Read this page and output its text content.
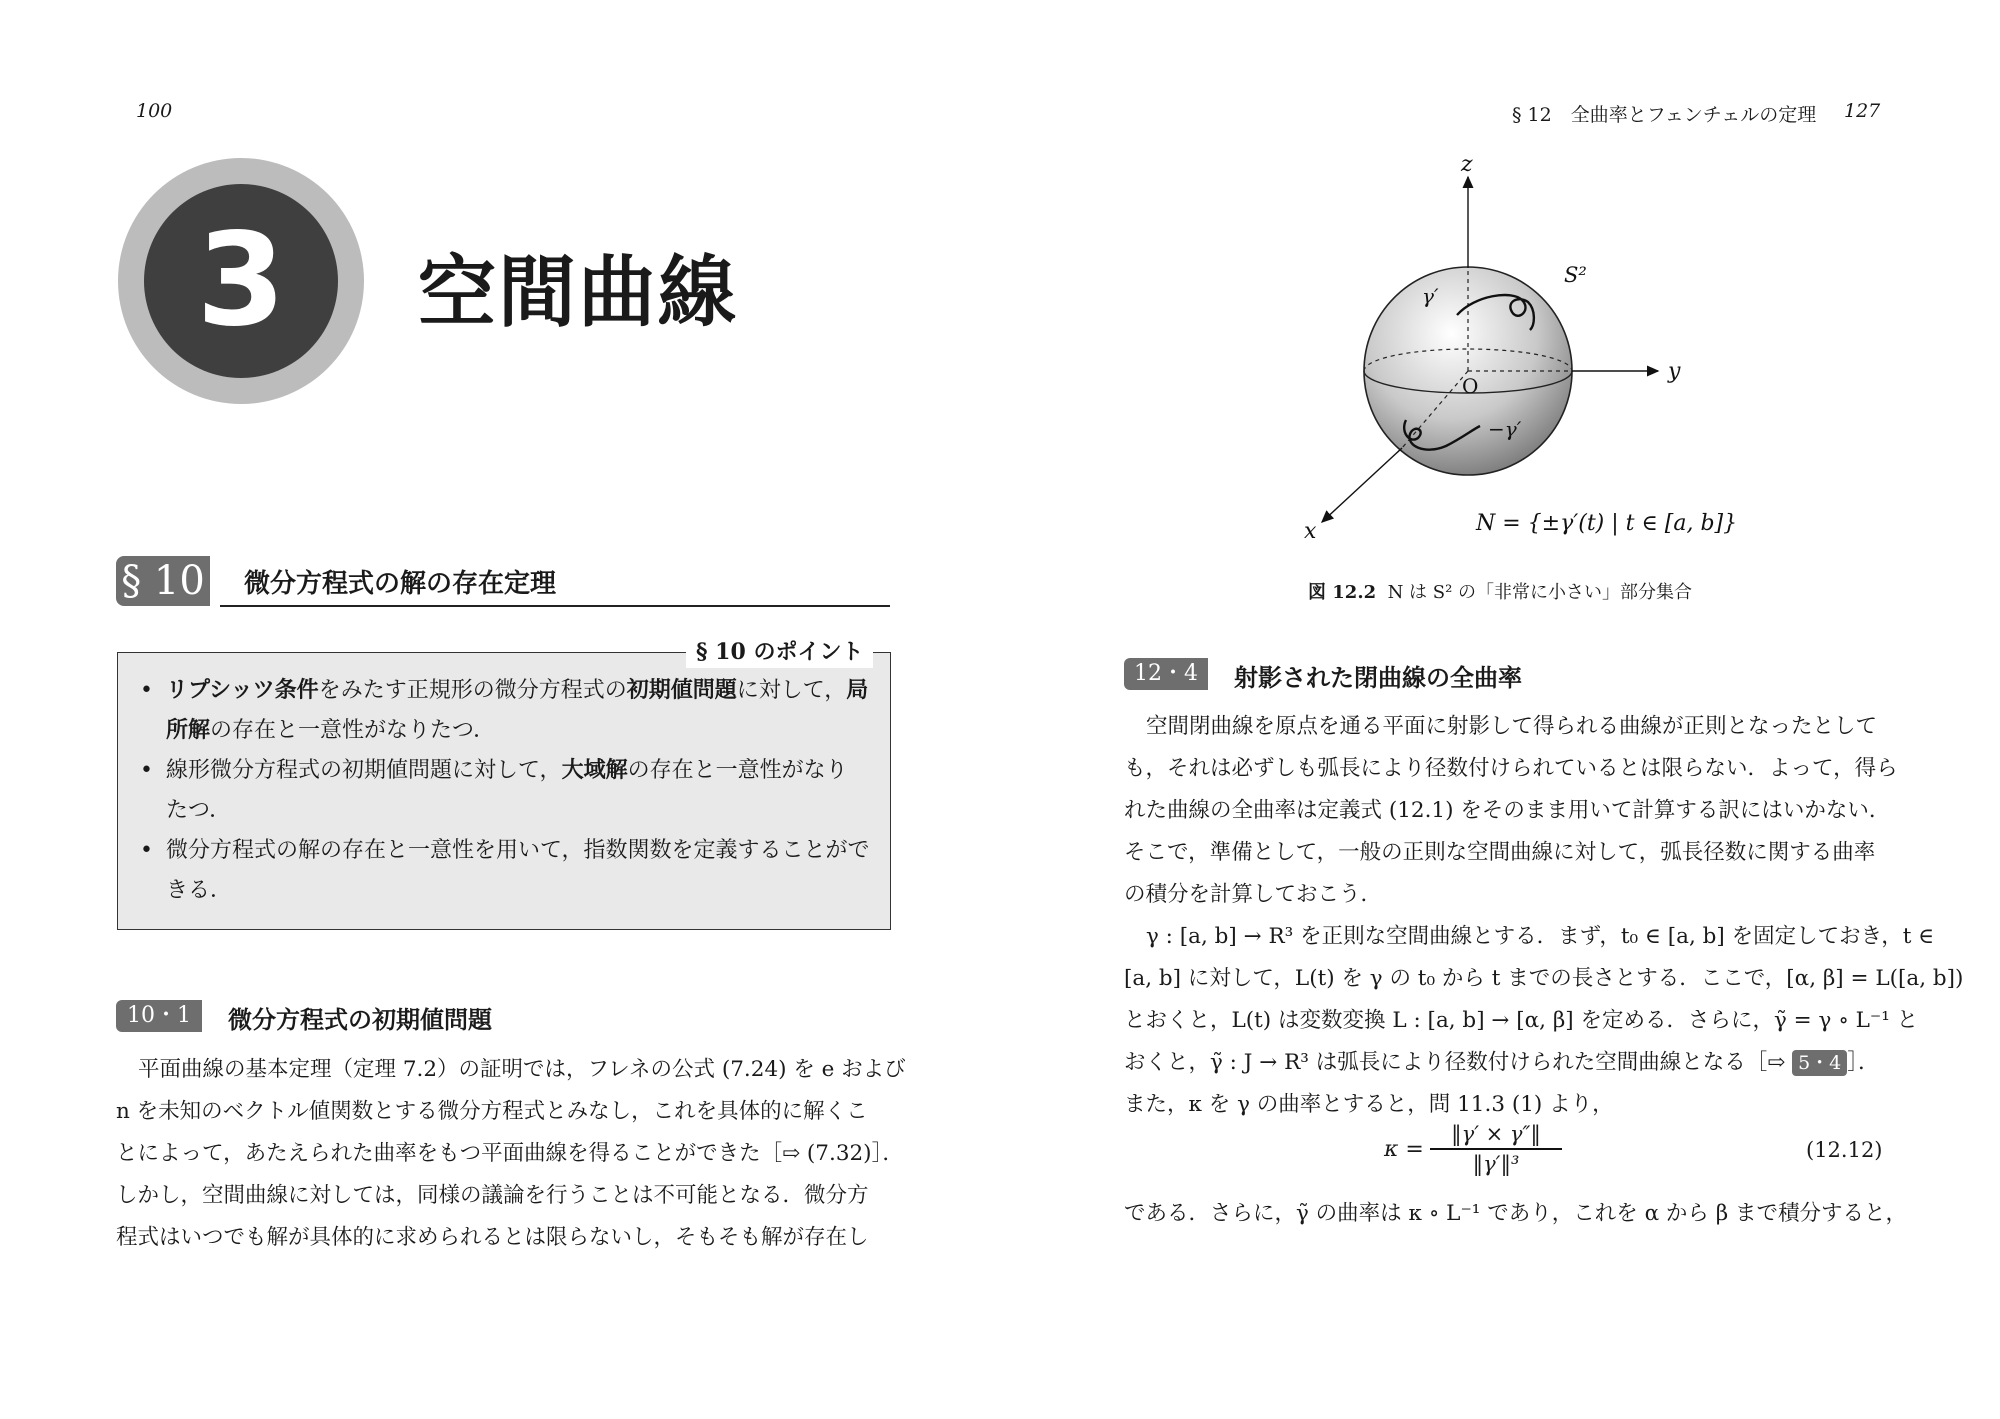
100
3	空間曲線
§ 10 微分方程式の解の存在定理
• リプシッツ条件をみたす正規形の微分方程式の初期値問題に対して，局
所解の存在と一意性がなりたつ．
• 線形微分方程式の初期値問題に対して，大域解の存在と一意性がなり
たつ．
• 微分方程式の解の存在と一意性を用いて，指数関数を定義することがで
きる．
§ 10 のポイント
10・1	微分方程式の初期値問題
平面曲線の基本定理（定理 7.2）の証明では，フレネの公式 (7.24) を e および
n を未知のベクトル値関数とする微分方程式とみなし，これを具体的に解くこ
とによって，あたえられた曲率をもつ平面曲線を得ることができた［⇨ (7.32)］．
しかし，空間曲線に対しては，同様の議論を行うことは不可能となる．微分方
程式はいつでも解が具体的に求められるとは限らないし，そもそも解が存在し
§ 12　全曲率とフェンチェルの定理 127
z
y
x
S²
O
γ′
−γ′
N = {±γ′(t) | t ∈ [a, b]}
図 12.2 N は S² の「非常に小さい」部分集合
12・4	射影された閉曲線の全曲率
空間閉曲線を原点を通る平面に射影して得られる曲線が正則となったとして
も，それは必ずしも弧長により径数付けられているとは限らない．よって，得ら
れた曲線の全曲率は定義式 (12.1) をそのまま用いて計算する訳にはいかない．
そこで，準備として，一般の正則な空間曲線に対して，弧長径数に関する曲率
の積分を計算しておこう．
γ : [a, b] → R³ を正則な空間曲線とする．まず，t₀ ∈ [a, b] を固定しておき，t ∈
[a, b] に対して，L(t) を γ の t₀ から t までの長さとする．ここで，[α, β] = L([a, b])
とおくと，L(t) は変数変換 L : [a, b] → [α, β] を定める．さらに，γ̃ = γ ∘ L⁻¹ と
おくと，γ̃ : J → R³ は弧長により径数付けられた空間曲線となる［⇨ 5・4 ］．
また，κ を γ の曲率とすると，問 11.3 (1) より，
κ =
‖γ′ × γ″‖
‖γ′‖³
(12.12)
である．さらに，γ̃ の曲率は κ ∘ L⁻¹ であり，これを α から β まで積分すると，
